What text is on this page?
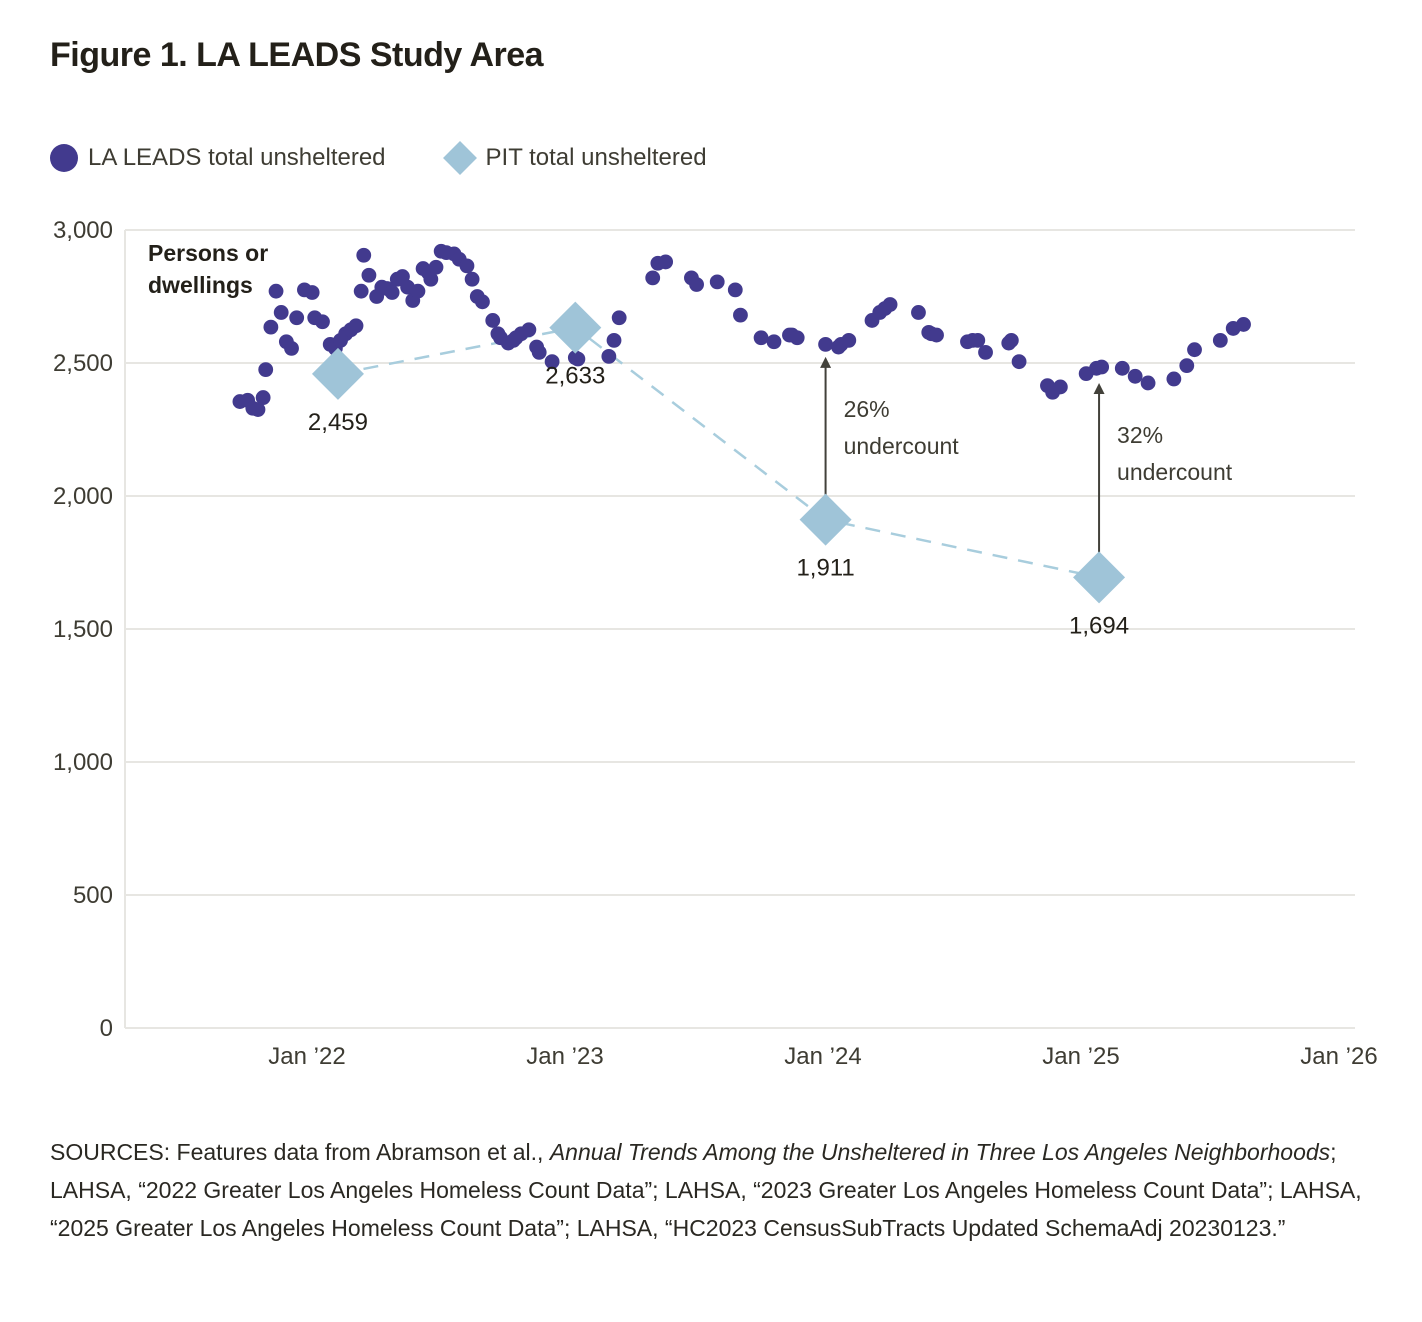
Figure 1. LA LEADS Study Area
LA LEADS total unsheltered	PIT total unsheltered
0
500
1,000
1,500
2,000
2,500
3,000
Jan ’22	Jan ’23	Jan ’24	Jan ’25	Jan ’26
Persons or
dwellings
26%
undercount	32%
undercount
2,459
2,633
1,911
1,694

SOURCES: Features data from Abramson et al., Annual Trends Among the Unsheltered in Three Los Angeles Neighborhoods; LAHSA, “2022 Greater Los Angeles Homeless Count Data”; LAHSA, “2023 Greater Los Angeles Homeless Count Data”; LAHSA, “2025 Greater Los Angeles Homeless Count Data”; LAHSA, “HC2023 CensusSubTracts Updated SchemaAdj 20230123.”
